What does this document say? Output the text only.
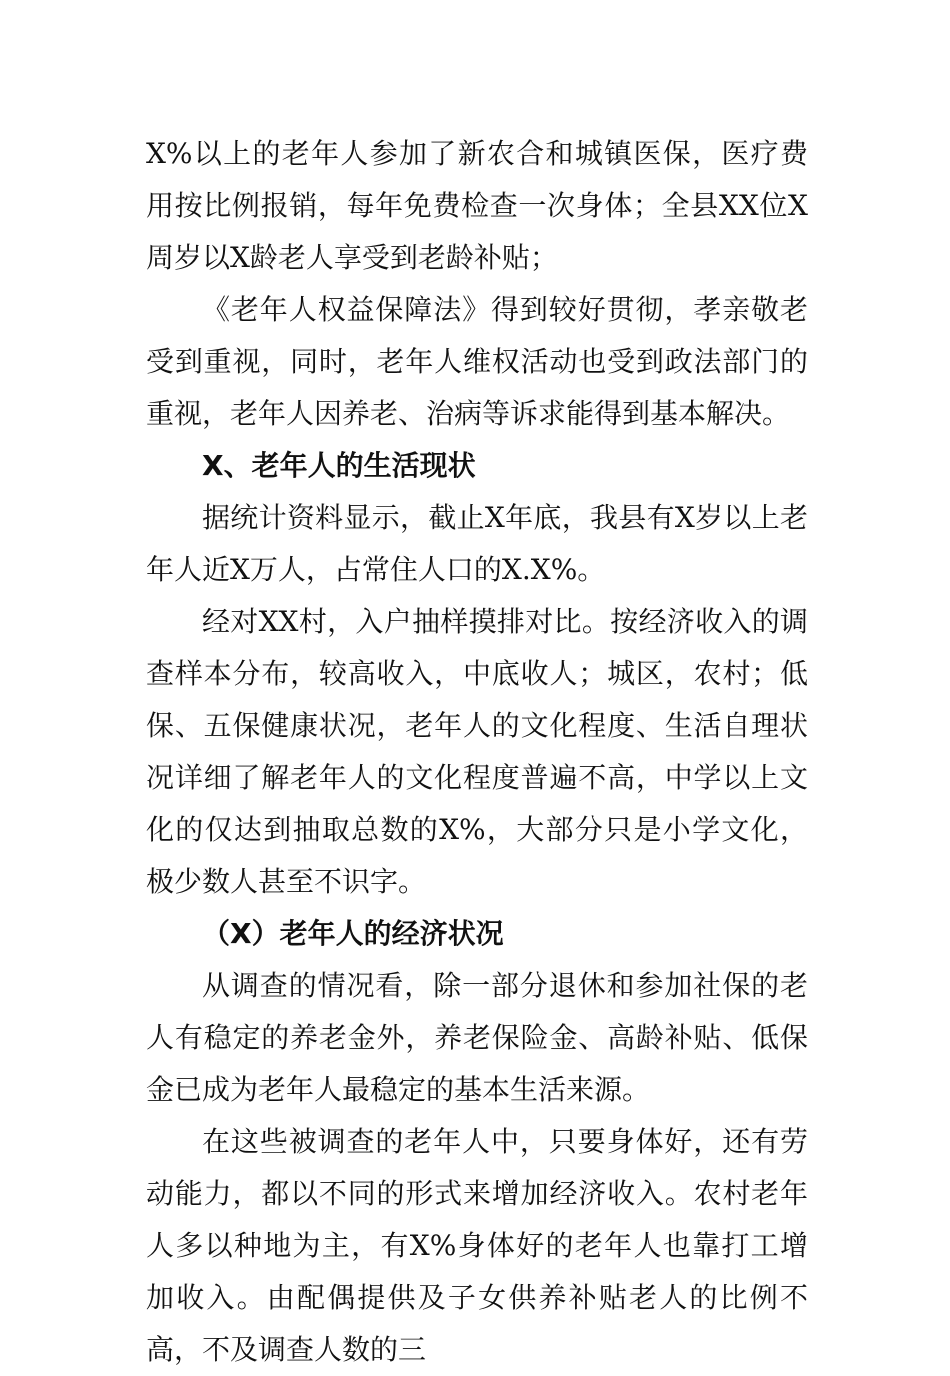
X%以上的老年人参加了新农合和城镇医保，医疗费用按比例报销，每年免费检查一次身体；全县XX位X周岁以X龄老人享受到老龄补贴；

《老年人权益保障法》得到较好贯彻，孝亲敬老受到重视，同时，老年人维权活动也受到政法部门的重视，老年人因养老、治病等诉求能得到基本解决。

X、老年人的生活现状

据统计资料显示，截止X年底，我县有X岁以上老年人近X万人，占常住人口的X.X%。

经对XX村，入户抽样摸排对比。按经济收入的调查样本分布，较高收入，中底收人；城区，农村；低保、五保健康状况，老年人的文化程度、生活自理状况详细了解老年人的文化程度普遍不高，中学以上文化的仅达到抽取总数的X%，大部分只是小学文化，极少数人甚至不识字。

（X）老年人的经济状况

从调查的情况看，除一部分退休和参加社保的老人有稳定的养老金外，养老保险金、高龄补贴、低保金已成为老年人最稳定的基本生活来源。

在这些被调查的老年人中，只要身体好，还有劳动能力，都以不同的形式来增加经济收入。农村老年人多以种地为主，有X%身体好的老年人也靠打工增加收入。由配偶提供及子女供养补贴老人的比例不高，不及调查人数的三
